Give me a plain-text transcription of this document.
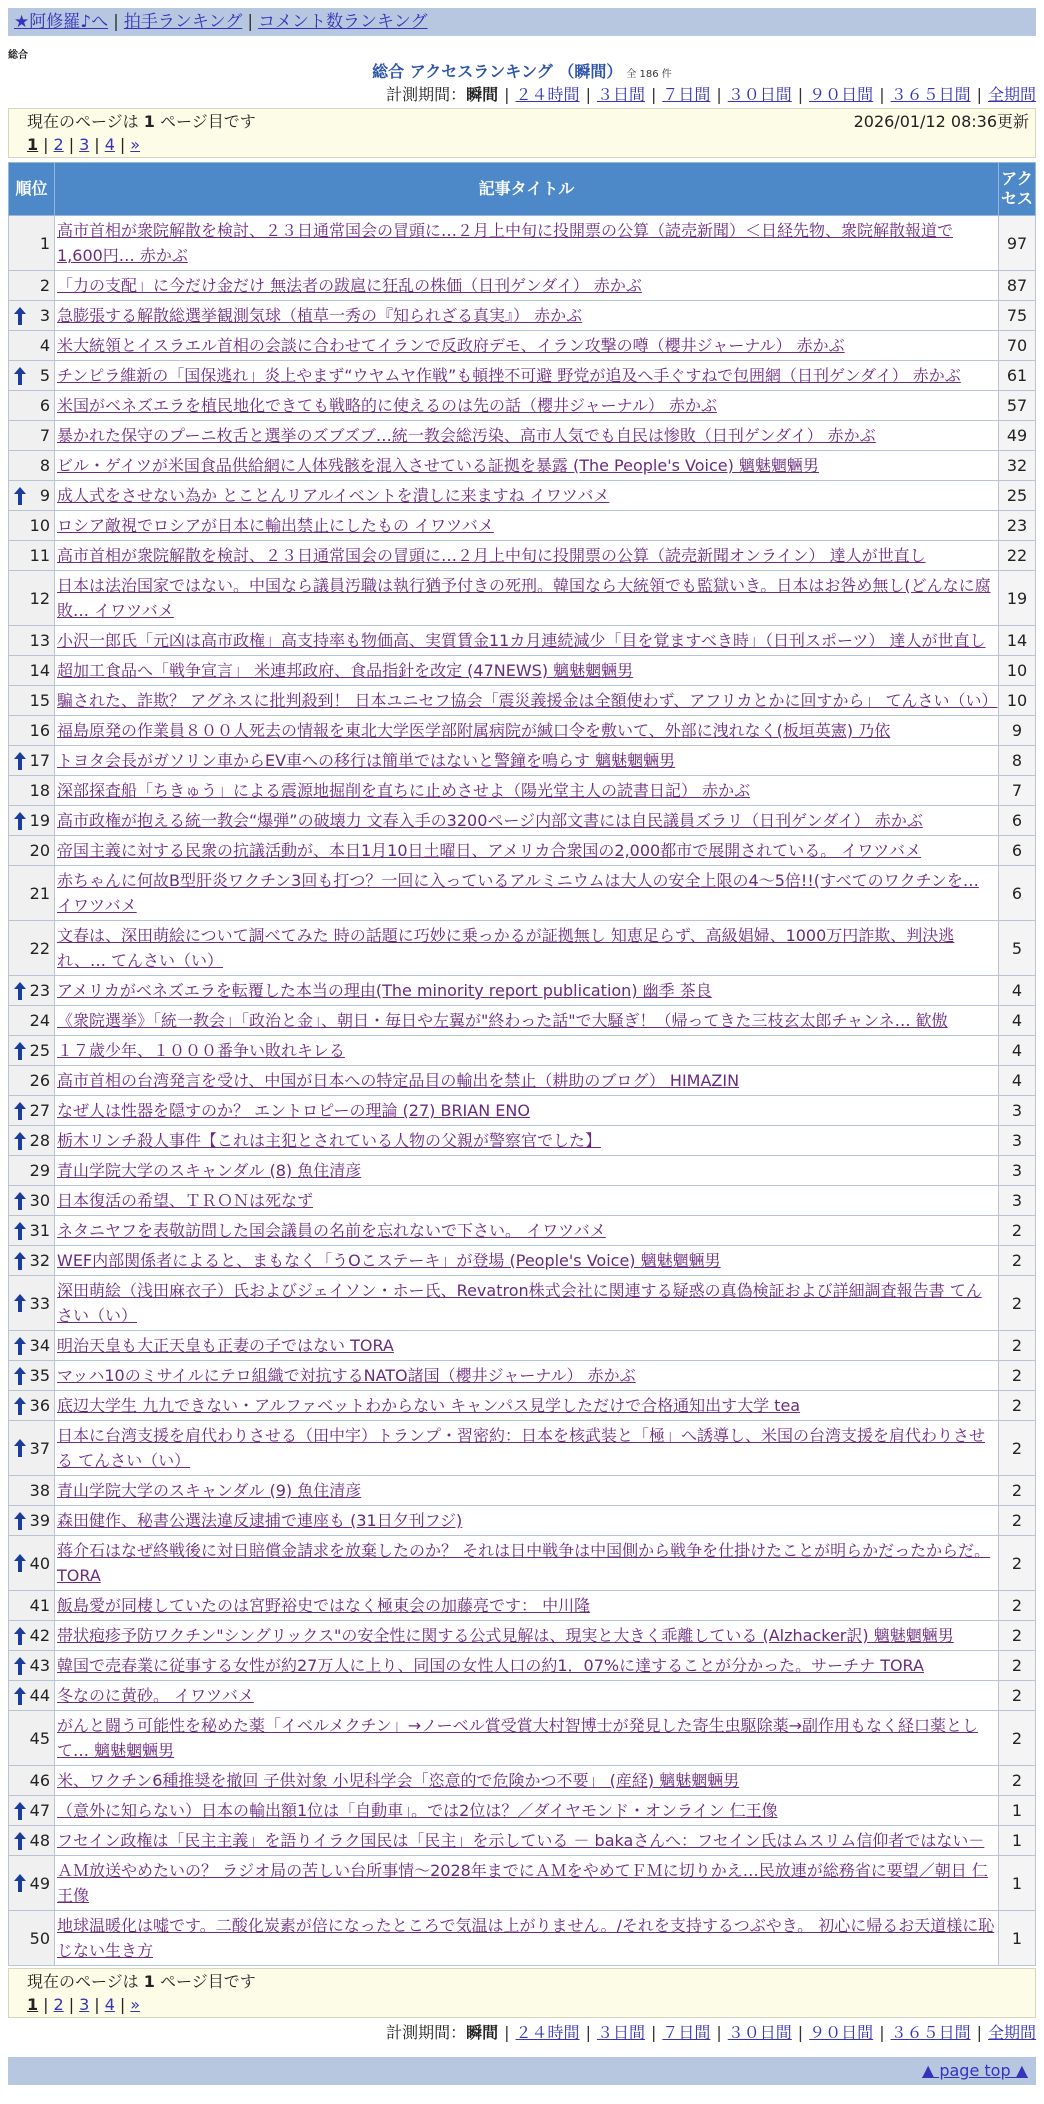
★阿修羅♪へ | 拍手ランキング | コメント数ランキング
総合
総合 アクセスランキング （瞬間） 全 186 件
計測期間：瞬間 | ２４時間 | ３日間 | ７日間 | ３０日間 | ９０日間 | ３６５日間 | 全期間
現在のページは 1 ページ目です	2026/01/12 08:36更新
1 | 2 | 3 | 4 | »
順位	記事タイトル	アクセス
1	高市首相が衆院解散を検討、２３日通常国会の冒頭に…２月上中旬に投開票の公算（読売新聞）＜日経先物、衆院解散報道で1,600円… 赤かぶ	97
2	「力の支配」に今だけ金だけ 無法者の跋扈に狂乱の株価（日刊ゲンダイ） 赤かぶ	87

3	急膨張する解散総選挙観測気球（植草一秀の『知られざる真実』） 赤かぶ	75
4	米大統領とイスラエル首相の会談に合わせてイランで反政府デモ、イラン攻撃の噂（櫻井ジャーナル） 赤かぶ	70

5	チンピラ維新の「国保逃れ」炎上やまず“ウヤムヤ作戦”も頓挫不可避 野党が追及へ手ぐすねで包囲網（日刊ゲンダイ） 赤かぶ	61
6	米国がベネズエラを植民地化できても戦略的に使えるのは先の話（櫻井ジャーナル） 赤かぶ	57
7	暴かれた保守のプーニ枚舌と選挙のズブズブ…統一教会総汚染、高市人気でも自民は惨敗（日刊ゲンダイ） 赤かぶ	49
8	ビル・ゲイツが米国食品供給網に人体残骸を混入させている証拠を暴露 (The People's Voice) 魑魅魍魎男	32

9	成人式をさせない為か とことんリアルイベントを潰しに来ますね イワツバメ	25
10	ロシア敵視でロシアが日本に輸出禁止にしたもの イワツバメ	23
11	高市首相が衆院解散を検討、２３日通常国会の冒頭に…２月上中旬に投開票の公算（読売新聞オンライン） 達人が世直し	22
12	日本は法治国家ではない。中国なら議員汚職は執行猶予付きの死刑。韓国なら大統領でも監獄いき。日本はお咎め無し(どんなに腐敗… イワツバメ	19
13	小沢一郎氏「元凶は高市政権」高支持率も物価高、実質賃金11カ月連続減少「目を覚ますべき時」（日刊スポーツ） 達人が世直し	14
14	超加工食品へ「戦争宣言」 米連邦政府、食品指針を改定 (47NEWS) 魑魅魍魎男	10
15	騙された、詐欺？ アグネスに批判殺到！ 日本ユニセフ協会「震災義援金は全額使わず、アフリカとかに回すから」 てんさい（い）	10
16	福島原発の作業員８００人死去の情報を東北大学医学部附属病院が緘口令を敷いて、外部に洩れなく(板垣英憲) 乃依	9

17	トヨタ会長がガソリン車からEV車への移行は簡単ではないと警鐘を鳴らす 魑魅魍魎男	8
18	深部探査船「ちきゅう」による震源地掘削を直ちに止めさせよ（陽光堂主人の読書日記） 赤かぶ	7

19	高市政権が抱える統一教会“爆弾”の破壊力 文春入手の3200ページ内部文書には自民議員ズラリ（日刊ゲンダイ） 赤かぶ	6
20	帝国主義に対する民衆の抗議活動が、本日1月10日土曜日、アメリカ合衆国の2,000都市で展開されている。 イワツバメ	6
21	赤ちゃんに何故B型肝炎ワクチン3回も打つ？一回に入っているアルミニウムは大人の安全上限の4〜5倍!!(すべてのワクチンを… イワツバメ	6
22	文春は、深田萌絵について調べてみた 時の話題に巧妙に乗っかるが証拠無し 知恵足らず、高級娼婦、1000万円詐欺、判決逃れ、… てんさい（い）	5

23	アメリカがベネズエラを転覆した本当の理由(The minority report publication) 幽季 茶良	4
24	《衆院選挙》「統一教会」「政治と金」、朝日・毎日や左翼が"終わった話"で大騒ぎ！（帰ってきた三枝玄太郎チャンネ… 歓傲	4

25	１７歳少年、１０００番争い敗れキレる	4
26	高市首相の台湾発言を受け、中国が日本への特定品目の輸出を禁止（耕助のブログ） HIMAZIN	4

27	なぜ人は性器を隠すのか？ エントロピーの理論 (27) BRIAN ENO	3

28	栃木リンチ殺人事件【これは主犯とされている人物の父親が警察官でした】	3
29	青山学院大学のスキャンダル (8) 魚住清彦	3

30	日本復活の希望、ＴＲＯＮは死なず	3

31	ネタニヤフを表敬訪問した国会議員の名前を忘れないで下さい。 イワツバメ	2

32	WEF内部関係者によると、まもなく「うOこステーキ」が登場 (People's Voice) 魑魅魍魎男	2

33	深田萌絵（浅田麻衣子）氏およびジェイソン・ホー氏、Revatron株式会社に関連する疑惑の真偽検証および詳細調査報告書 てんさい（い）	2

34	明治天皇も大正天皇も正妻の子ではない TORA	2

35	マッハ10のミサイルにテロ組織で対抗するNATO諸国（櫻井ジャーナル） 赤かぶ	2

36	底辺大学生 九九できない・アルファベットわからない キャンパス見学しただけで合格通知出す大学 tea	2

37	日本に台湾支援を肩代わりさせる（田中宇）トランプ・習密約：日本を核武装と「極」へ誘導し、米国の台湾支援を肩代わりさせる てんさい（い）	2
38	青山学院大学のスキャンダル (9) 魚住清彦	2

39	森田健作、秘書公選法違反逮捕で連座も (31日夕刊フジ)	2

40	蒋介石はなぜ終戦後に対日賠償金請求を放棄したのか？ それは日中戦争は中国側から戦争を仕掛けたことが明らかだったからだ。 TORA	2
41	飯島愛が同棲していたのは宮野裕史ではなく極東会の加藤亮です： 中川隆	2

42	帯状疱疹予防ワクチン"シングリックス"の安全性に関する公式見解は、現実と大きく乖離している (Alzhacker訳) 魑魅魍魎男	2

43	韓国で売春業に従事する女性が約27万人に上り、同国の女性人口の約1．07%に達することが分かった。サーチナ TORA	2

44	冬なのに黄砂。 イワツバメ	2
45	がんと闘う可能性を秘めた薬「イベルメクチン」→ノーベル賞受賞大村智博士が発見した寄生虫駆除薬→副作用もなく経口薬として… 魑魅魍魎男	2
46	米、ワクチン6種推奨を撤回 子供対象 小児科学会「恣意的で危険かつ不要」 (産経) 魑魅魍魎男	2

47	（意外に知らない）日本の輸出額1位は「自動車」。では2位は？／ダイヤモンド・オンライン 仁王像	1

48	フセイン政権は「民主主義」を語りイラク国民は「民主」を示している － bakaさんへ：フセイン氏はムスリム信仰者ではない－	1

49	ＡＭ放送やめたいの？ ラジオ局の苦しい台所事情〜2028年までにＡＭをやめてＦＭに切りかえ…民放連が総務省に要望／朝日 仁王像	1
50	地球温暖化は嘘です。二酸化炭素が倍になったところで気温は上がりません。/それを支持するつぶやき。 初心に帰るお天道様に恥じない生き方	1
現在のページは 1 ページ目です
1 | 2 | 3 | 4 | »
計測期間：瞬間 | ２４時間 | ３日間 | ７日間 | ３０日間 | ９０日間 | ３６５日間 | 全期間
▲ page top ▲
